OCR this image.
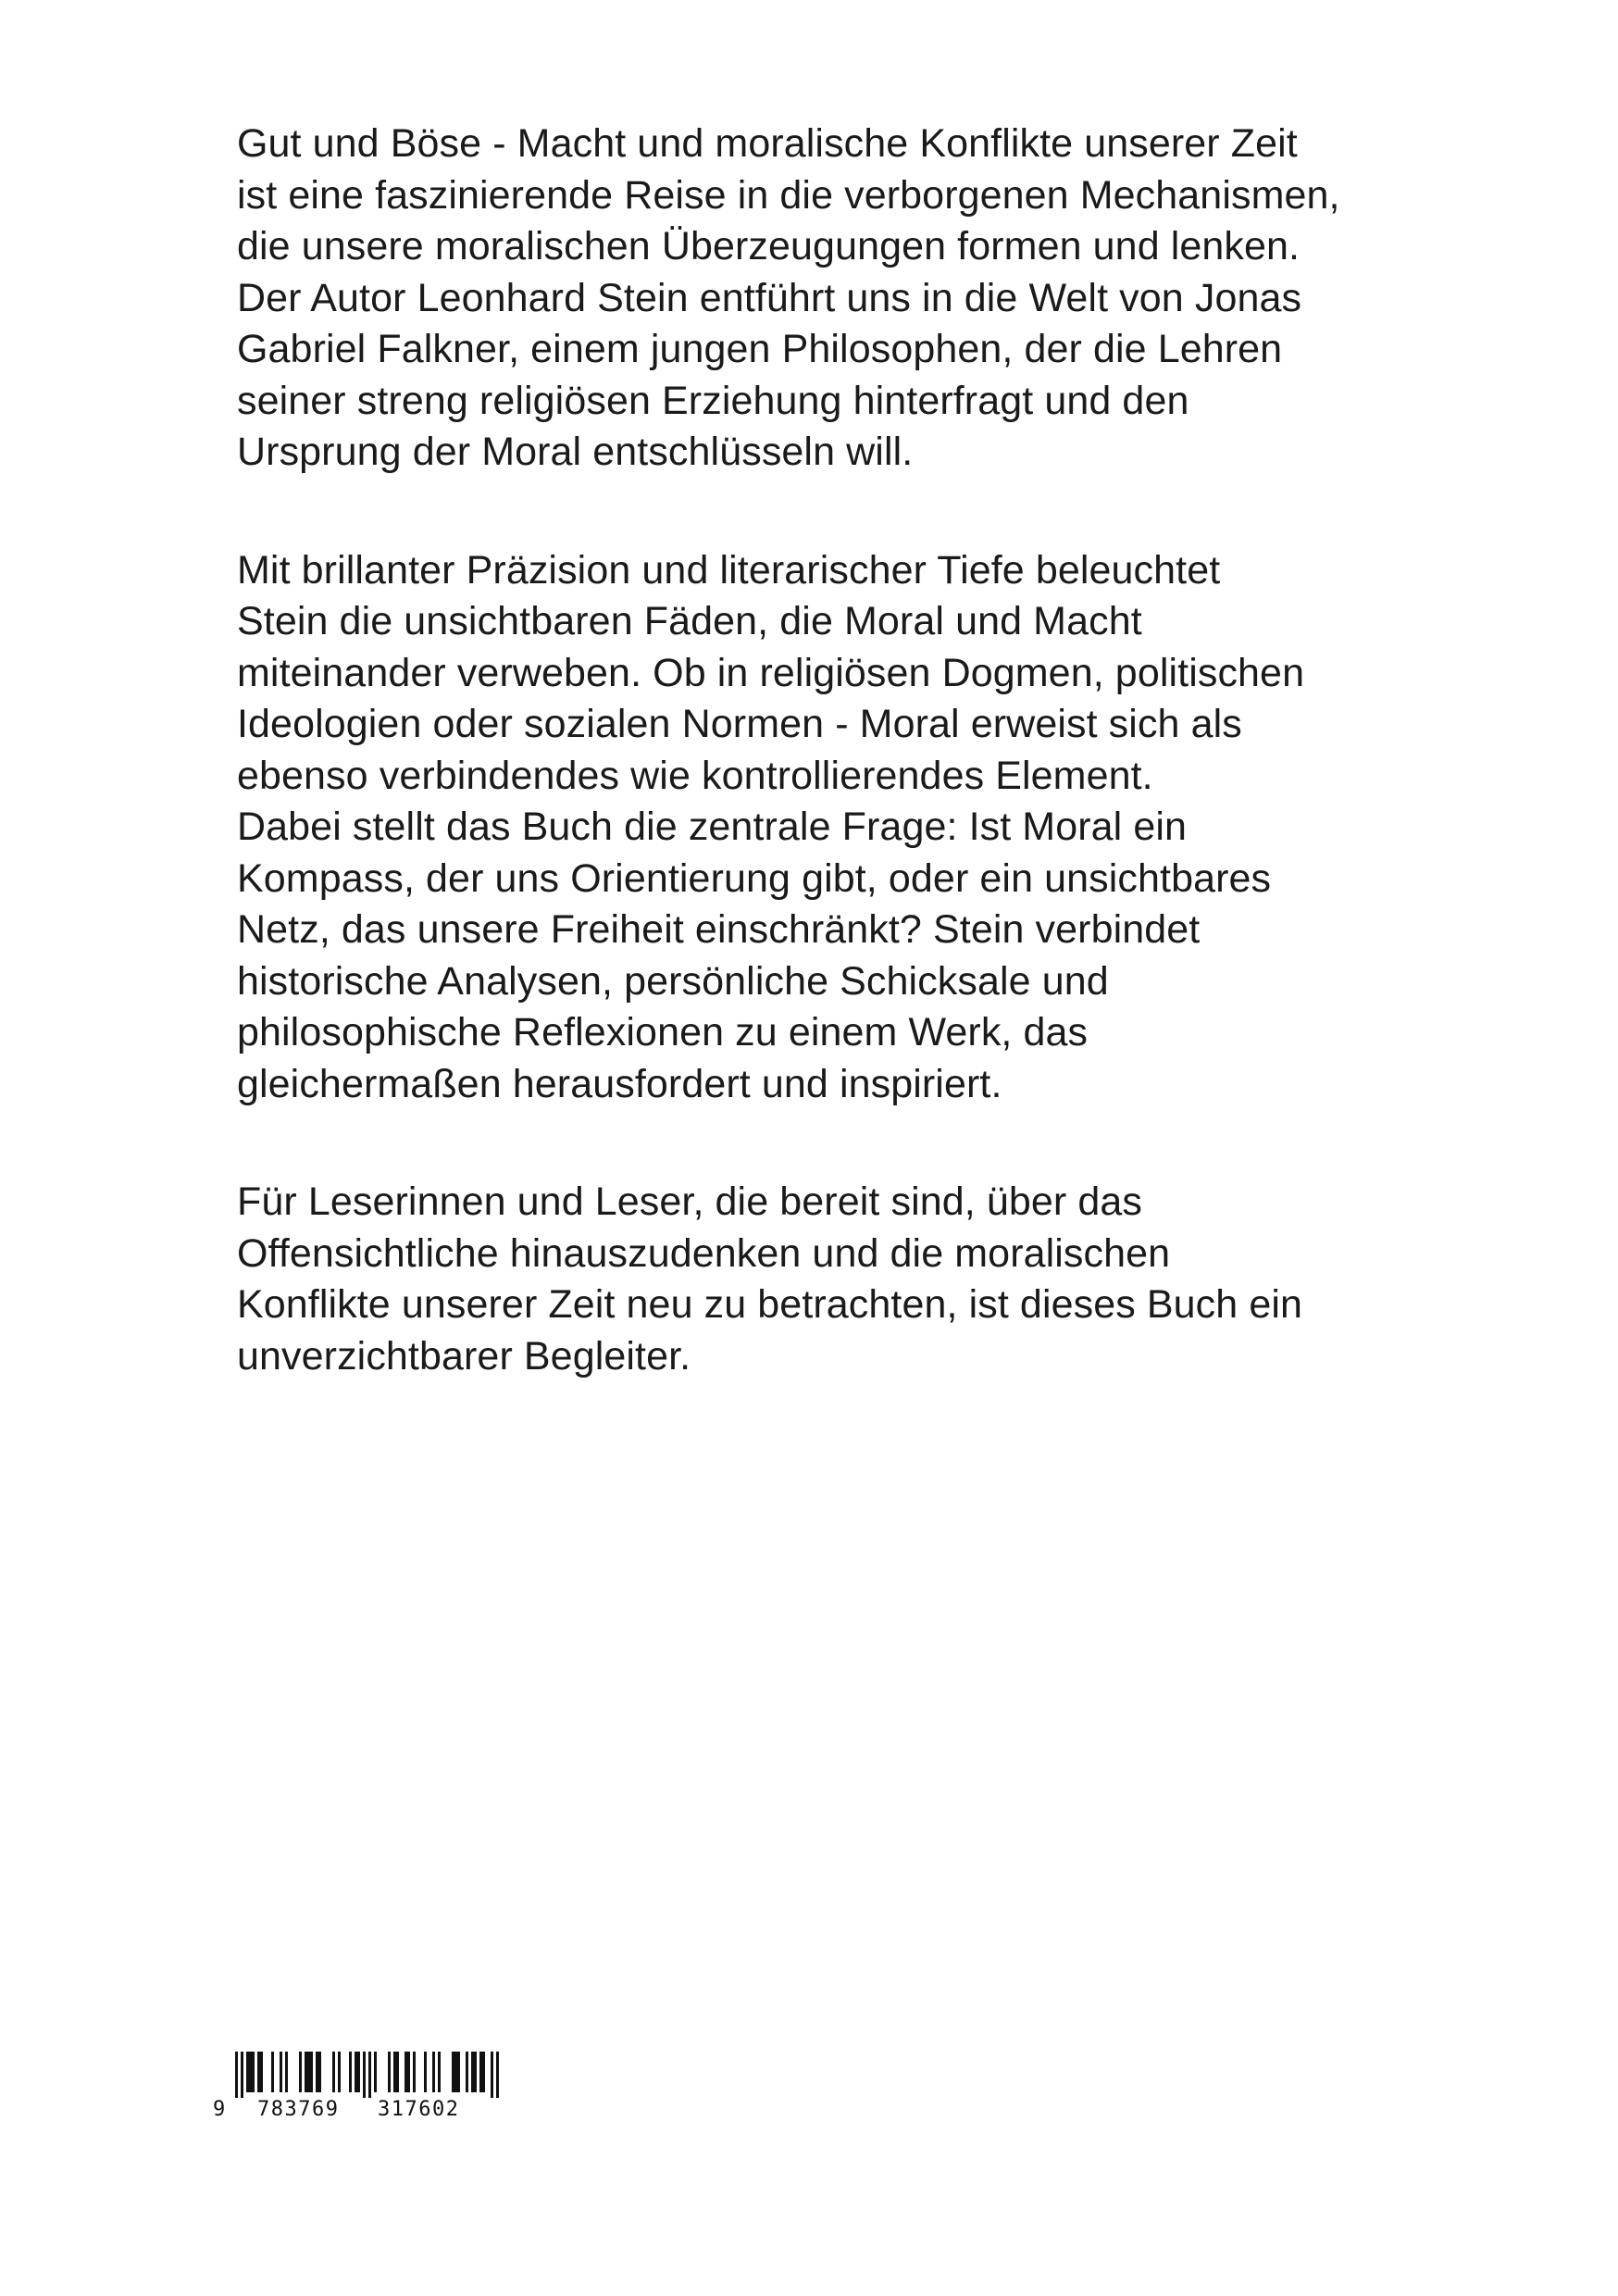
Gut und Böse - Macht und moralische Konflikte unserer Zeit
ist eine faszinierende Reise in die verborgenen Mechanismen,
die unsere moralischen Überzeugungen formen und lenken.
Der Autor Leonhard Stein entführt uns in die Welt von Jonas
Gabriel Falkner, einem jungen Philosophen, der die Lehren
seiner streng religiösen Erziehung hinterfragt und den
Ursprung der Moral entschlüsseln will.
Mit brillanter Präzision und literarischer Tiefe beleuchtet
Stein die unsichtbaren Fäden, die Moral und Macht
miteinander verweben. Ob in religiösen Dogmen, politischen
Ideologien oder sozialen Normen - Moral erweist sich als
ebenso verbindendes wie kontrollierendes Element.
Dabei stellt das Buch die zentrale Frage: Ist Moral ein
Kompass, der uns Orientierung gibt, oder ein unsichtbares
Netz, das unsere Freiheit einschränkt? Stein verbindet
historische Analysen, persönliche Schicksale und
philosophische Reflexionen zu einem Werk, das
gleichermaßen herausfordert und inspiriert.
Für Leserinnen und Leser, die bereit sind, über das
Offensichtliche hinauszudenken und die moralischen
Konflikte unserer Zeit neu zu betrachten, ist dieses Buch ein
unverzichtbarer Begleiter.
9 783769 317602
